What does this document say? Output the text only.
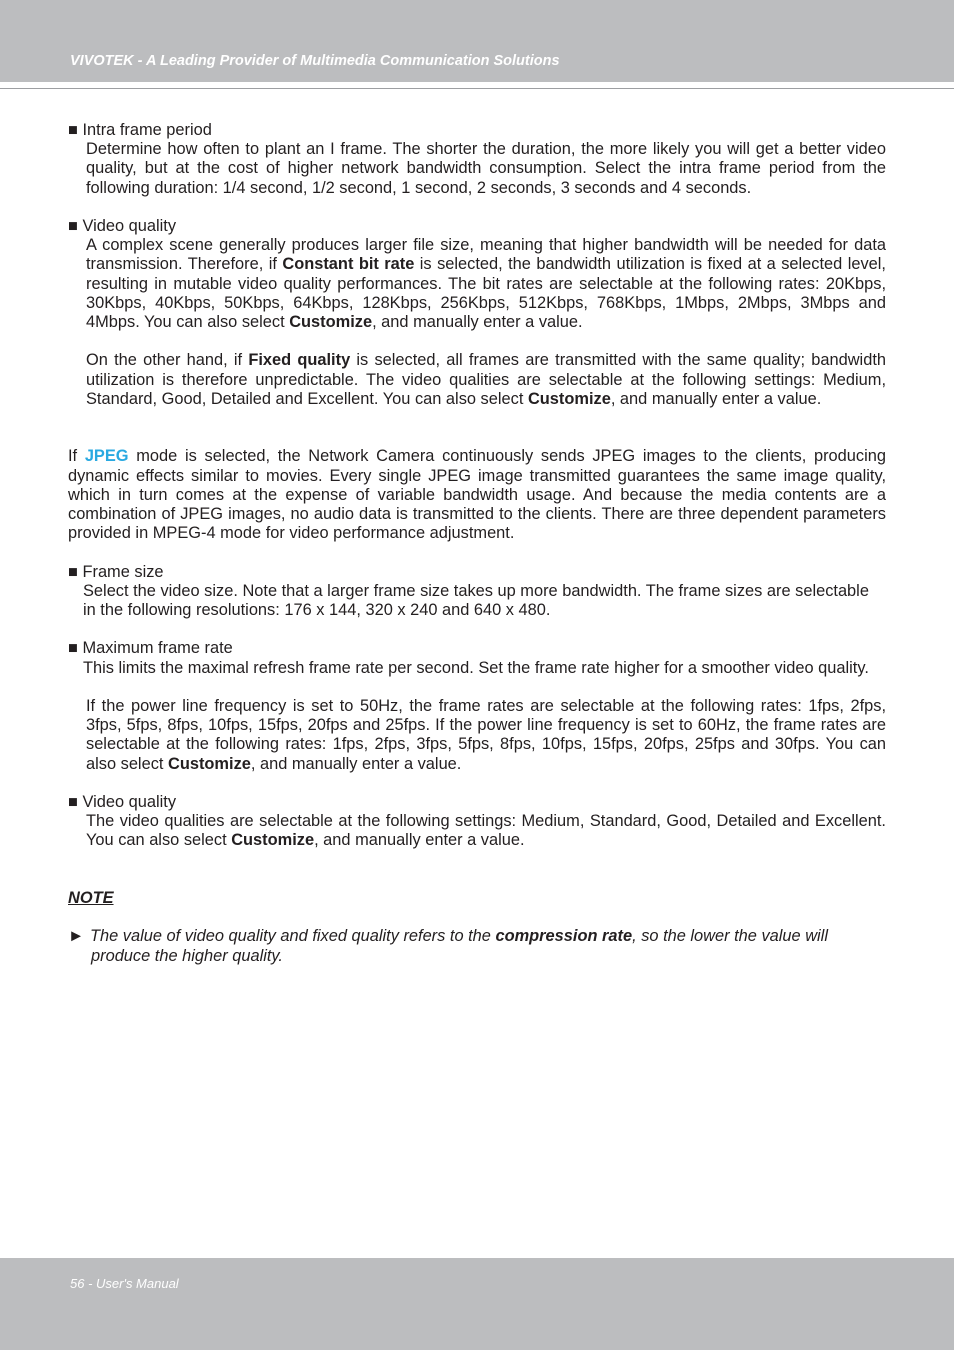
VIVOTEK - A Leading Provider of Multimedia Communication Solutions

■ Intra frame period

Determine how often to plant an I frame. The shorter the duration, the more likely you will get a better video quality, but at the cost of higher network bandwidth consumption. Select the intra frame period from the following duration: 1/4 second, 1/2 second, 1 second, 2 seconds, 3 seconds and 4 seconds.

■ Video quality

A complex scene generally produces larger file size, meaning that higher bandwidth will be needed for data transmission. Therefore, if Constant bit rate is selected, the bandwidth utilization is fixed at a selected level, resulting in mutable video quality performances. The bit rates are selectable at the following rates: 20Kbps, 30Kbps, 40Kbps, 50Kbps, 64Kbps, 128Kbps, 256Kbps, 512Kbps, 768Kbps, 1Mbps, 2Mbps, 3Mbps and 4Mbps. You can also select Customize, and manually enter a value.

On the other hand, if Fixed quality is selected, all frames are transmitted with the same quality; bandwidth utilization is therefore unpredictable. The video qualities are selectable at the following settings: Medium, Standard, Good, Detailed and Excellent. You can also select Customize, and manually enter a value.

If JPEG mode is selected, the Network Camera continuously sends JPEG images to the clients, producing dynamic effects similar to movies. Every single JPEG image transmitted guarantees the same image quality, which in turn comes at the expense of variable bandwidth usage. And because the media contents are a combination of JPEG images, no audio data is transmitted to the clients. There are three dependent parameters provided in MPEG-4 mode for video performance adjustment.

■ Frame size

Select the video size. Note that a larger frame size takes up more bandwidth. The frame sizes are selectable in the following resolutions: 176 x 144, 320 x 240 and 640 x 480.

■ Maximum frame rate

This limits the maximal refresh frame rate per second. Set the frame rate higher for a smoother video quality.

If the power line frequency is set to 50Hz, the frame rates are selectable at the following rates: 1fps, 2fps, 3fps, 5fps, 8fps, 10fps, 15fps, 20fps and 25fps. If the power line frequency is set to 60Hz, the frame rates are selectable at the following rates: 1fps, 2fps, 3fps, 5fps, 8fps, 10fps, 15fps, 20fps, 25fps and 30fps. You can also select Customize, and manually enter a value.

■ Video quality

The video qualities are selectable at the following settings: Medium, Standard, Good, Detailed and Excellent. You can also select Customize, and manually enter a value.

NOTE

► The value of video quality and fixed quality refers to the compression rate, so the lower the value will produce the higher quality.

56 - User's Manual
